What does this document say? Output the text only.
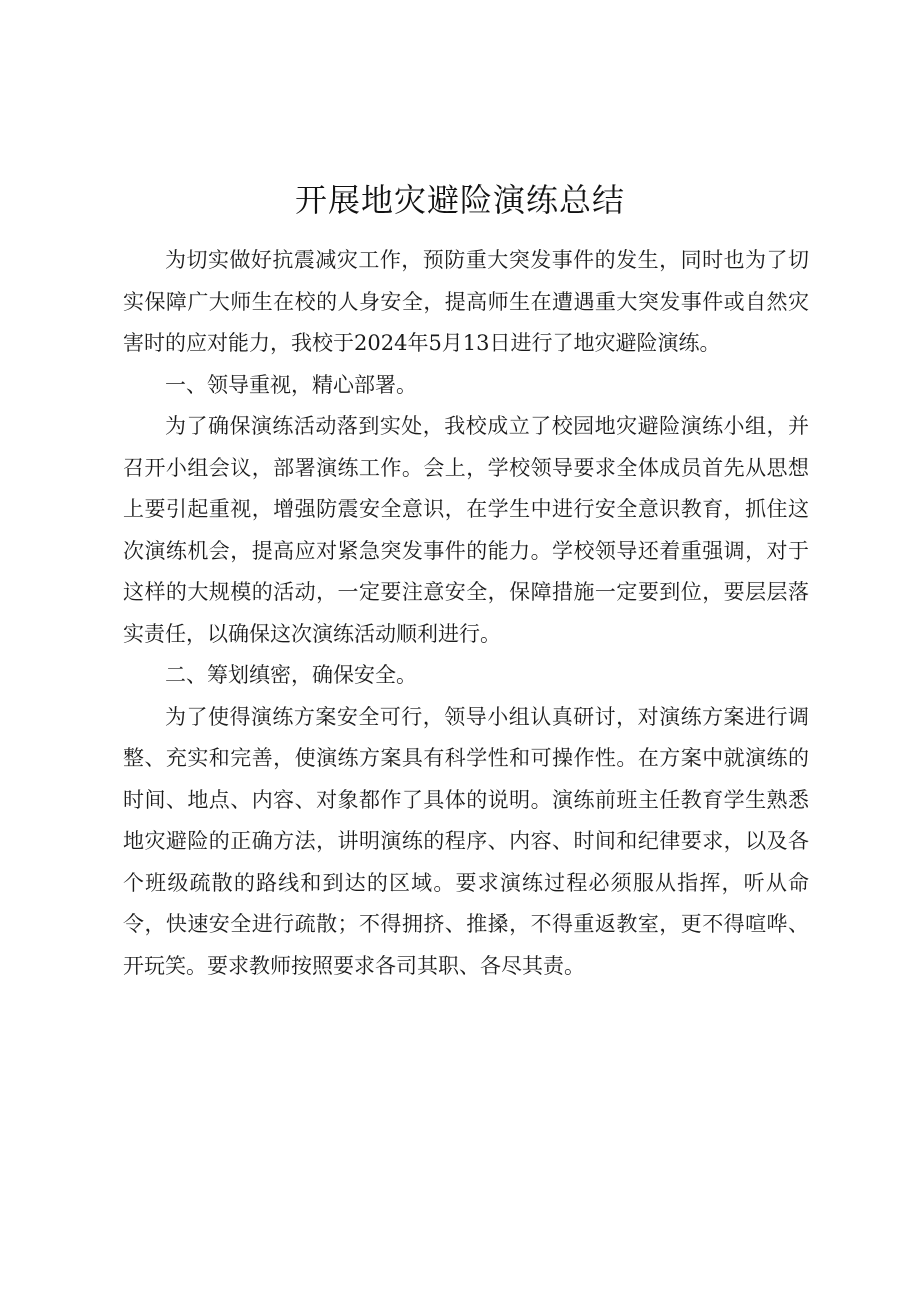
开展地灾避险演练总结

为切实做好抗震减灾工作，预防重大突发事件的发生，同时也为了切实保障广大师生在校的人身安全，提高师生在遭遇重大突发事件或自然灾害时的应对能力，我校于2024年5月13日进行了地灾避险演练。

一、领导重视，精心部署。

为了确保演练活动落到实处，我校成立了校园地灾避险演练小组，并召开小组会议，部署演练工作。会上，学校领导要求全体成员首先从思想上要引起重视，增强防震安全意识，在学生中进行安全意识教育，抓住这次演练机会，提高应对紧急突发事件的能力。学校领导还着重强调，对于这样的大规模的活动，一定要注意安全，保障措施一定要到位，要层层落实责任，以确保这次演练活动顺利进行。

二、筹划缜密，确保安全。

为了使得演练方案安全可行，领导小组认真研讨，对演练方案进行调整、充实和完善，使演练方案具有科学性和可操作性。在方案中就演练的时间、地点、内容、对象都作了具体的说明。演练前班主任教育学生熟悉地灾避险的正确方法，讲明演练的程序、内容、时间和纪律要求，以及各个班级疏散的路线和到达的区域。要求演练过程必须服从指挥，听从命令，快速安全进行疏散；不得拥挤、推搡，不得重返教室，更不得喧哗、开玩笑。要求教师按照要求各司其职、各尽其责。
